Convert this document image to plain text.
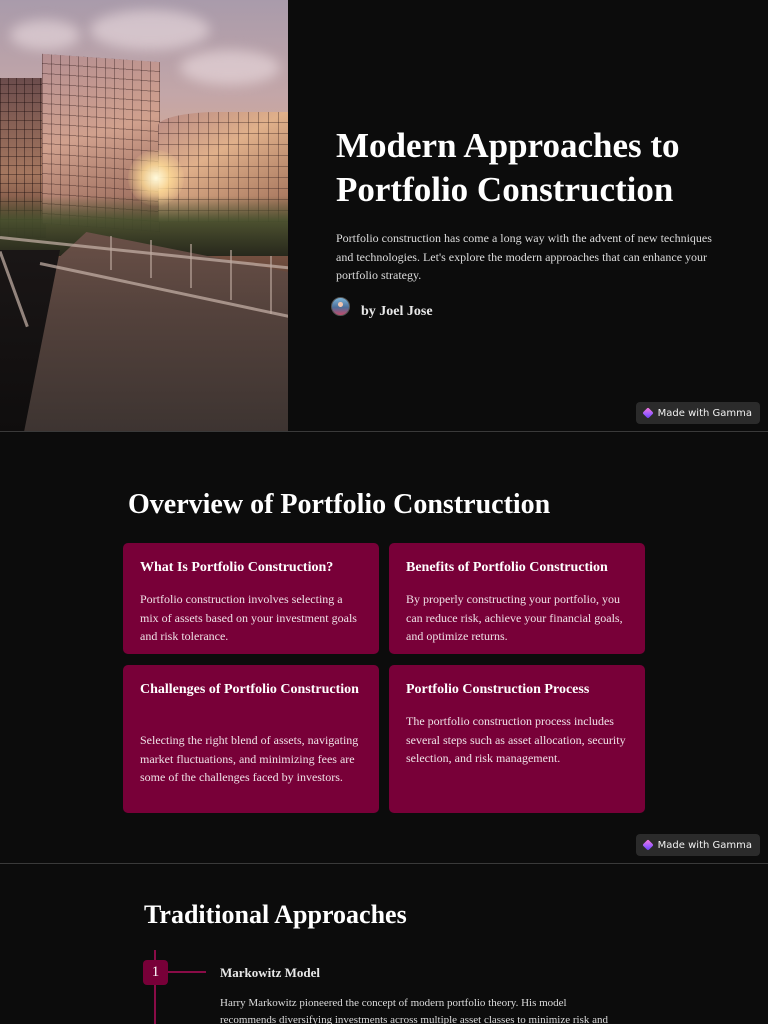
Modern Approaches to Portfolio Construction

Portfolio construction has come a long way with the advent of new techniques and technologies. Let's explore the modern approaches that can enhance your portfolio strategy.

by Joel Jose
Made with Gamma
Overview of Portfolio Construction
What Is Portfolio Construction?

Portfolio construction involves selecting a mix of assets based on your investment goals and risk tolerance.

Benefits of Portfolio Construction

By properly constructing your portfolio, you can reduce risk, achieve your financial goals, and optimize returns.

Challenges of Portfolio Construction

Selecting the right blend of assets, navigating market fluctuations, and minimizing fees are some of the challenges faced by investors.

Portfolio Construction Process

The portfolio construction process includes several steps such as asset allocation, security selection, and risk management.

Made with Gamma
Traditional Approaches
1	Markowitz Model

Harry Markowitz pioneered the concept of modern portfolio theory. His model recommends diversifying investments across multiple asset classes to minimize risk and
